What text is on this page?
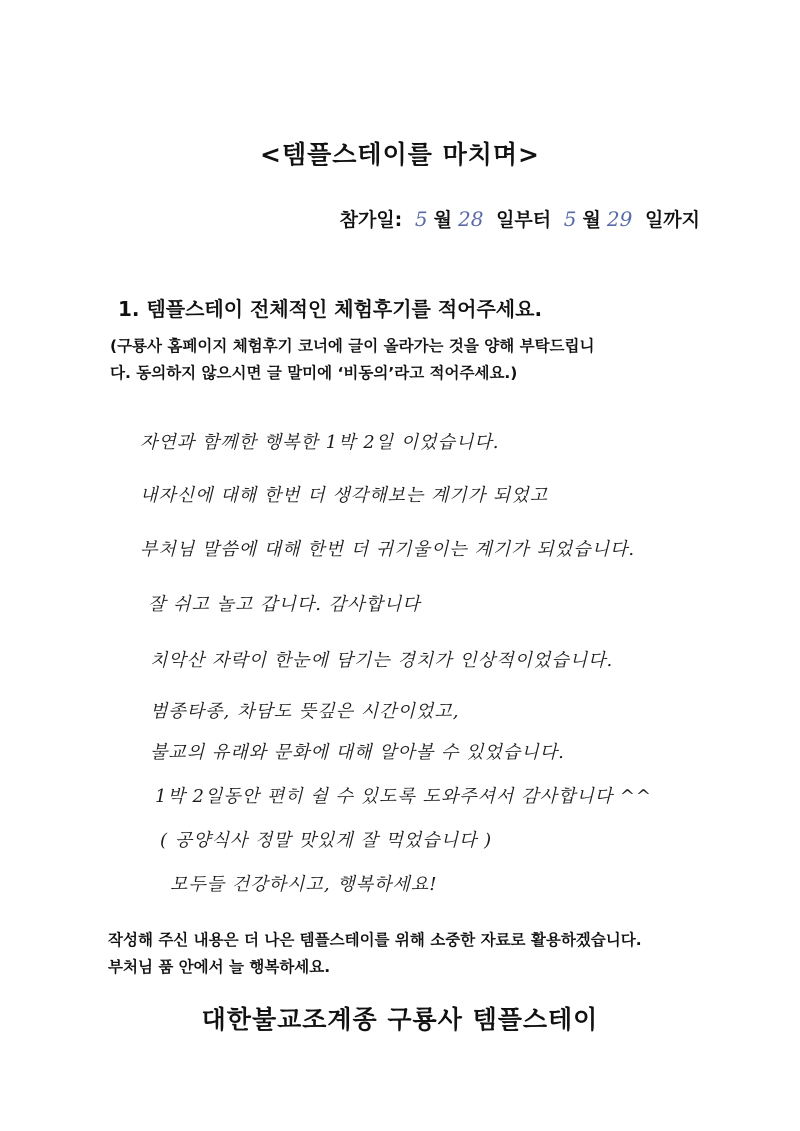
<템플스테이를 마치며>
참가일: 5 월 28 일부터 5 월 29 일까지
1. 템플스테이 전체적인 체험후기를 적어주세요.
(구룡사 홈페이지 체험후기 코너에 글이 올라가는 것을 양해 부탁드립니
다. 동의하지 않으시면 글 말미에 ‘비동의’라고 적어주세요.)
자연과 함께한 행복한 1박 2일 이었습니다.
내자신에 대해 한번 더 생각해보는 계기가 되었고
부처님 말씀에 대해 한번 더 귀기울이는 계기가 되었습니다.
잘 쉬고 놀고 갑니다. 감사합니다
치악산 자락이 한눈에 담기는 경치가 인상적이었습니다.
범종타종, 차담도 뜻깊은 시간이었고,
불교의 유래와 문화에 대해 알아볼 수 있었습니다.
1박 2일동안 편히 쉴 수 있도록 도와주셔서 감사합니다 ^^
( 공양식사 정말 맛있게 잘 먹었습니다 )
모두들 건강하시고, 행복하세요!
작성해 주신 내용은 더 나은 템플스테이를 위해 소중한 자료로 활용하겠습니다.
부처님 품 안에서 늘 행복하세요.
대한불교조계종 구룡사 템플스테이
